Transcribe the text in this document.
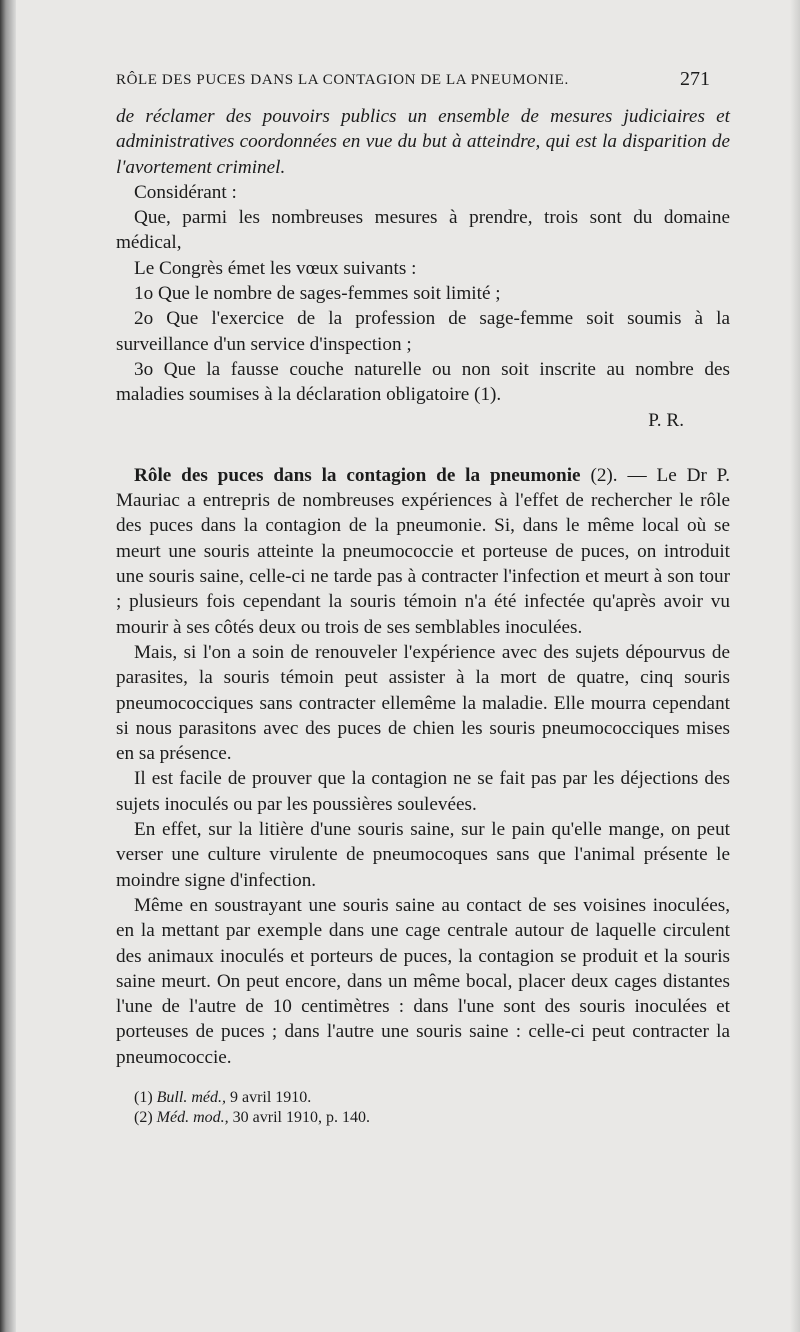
RÔLE DES PUCES DANS LA CONTAGION DE LA PNEUMONIE.	271

de réclamer des pouvoirs publics un ensemble de mesures judiciaires et administratives coordonnées en vue du but à atteindre, qui est la disparition de l'avortement criminel.

Considérant :

Que, parmi les nombreuses mesures à prendre, trois sont du domaine médical,

Le Congrès émet les vœux suivants :

1o Que le nombre de sages-femmes soit limité ;

2o Que l'exercice de la profession de sage-femme soit soumis à la surveillance d'un service d'inspection ;

3o Que la fausse couche naturelle ou non soit inscrite au nombre des maladies soumises à la déclaration obligatoire (1).

P. R.

Rôle des puces dans la contagion de la pneumonie (2). — Le Dr P. Mauriac a entrepris de nombreuses expériences à l'effet de rechercher le rôle des puces dans la contagion de la pneumonie. Si, dans le même local où se meurt une souris atteinte la pneumococcie et porteuse de puces, on introduit une souris saine, celle-ci ne tarde pas à contracter l'infection et meurt à son tour ; plusieurs fois cependant la souris témoin n'a été infectée qu'après avoir vu mourir à ses côtés deux ou trois de ses semblables inoculées.

Mais, si l'on a soin de renouveler l'expérience avec des sujets dépourvus de parasites, la souris témoin peut assister à la mort de quatre, cinq souris pneumococciques sans contracter ellemême la maladie. Elle mourra cependant si nous parasitons avec des puces de chien les souris pneumococciques mises en sa présence.

Il est facile de prouver que la contagion ne se fait pas par les déjections des sujets inoculés ou par les poussières soulevées.

En effet, sur la litière d'une souris saine, sur le pain qu'elle mange, on peut verser une culture virulente de pneumocoques sans que l'animal présente le moindre signe d'infection.

Même en soustrayant une souris saine au contact de ses voisines inoculées, en la mettant par exemple dans une cage centrale autour de laquelle circulent des animaux inoculés et porteurs de puces, la contagion se produit et la souris saine meurt. On peut encore, dans un même bocal, placer deux cages distantes l'une de l'autre de 10 centimètres : dans l'une sont des souris inoculées et porteuses de puces ; dans l'autre une souris saine : celle-ci peut contracter la pneumococcie.

(1) Bull. méd., 9 avril 1910.

(2) Méd. mod., 30 avril 1910, p. 140.
